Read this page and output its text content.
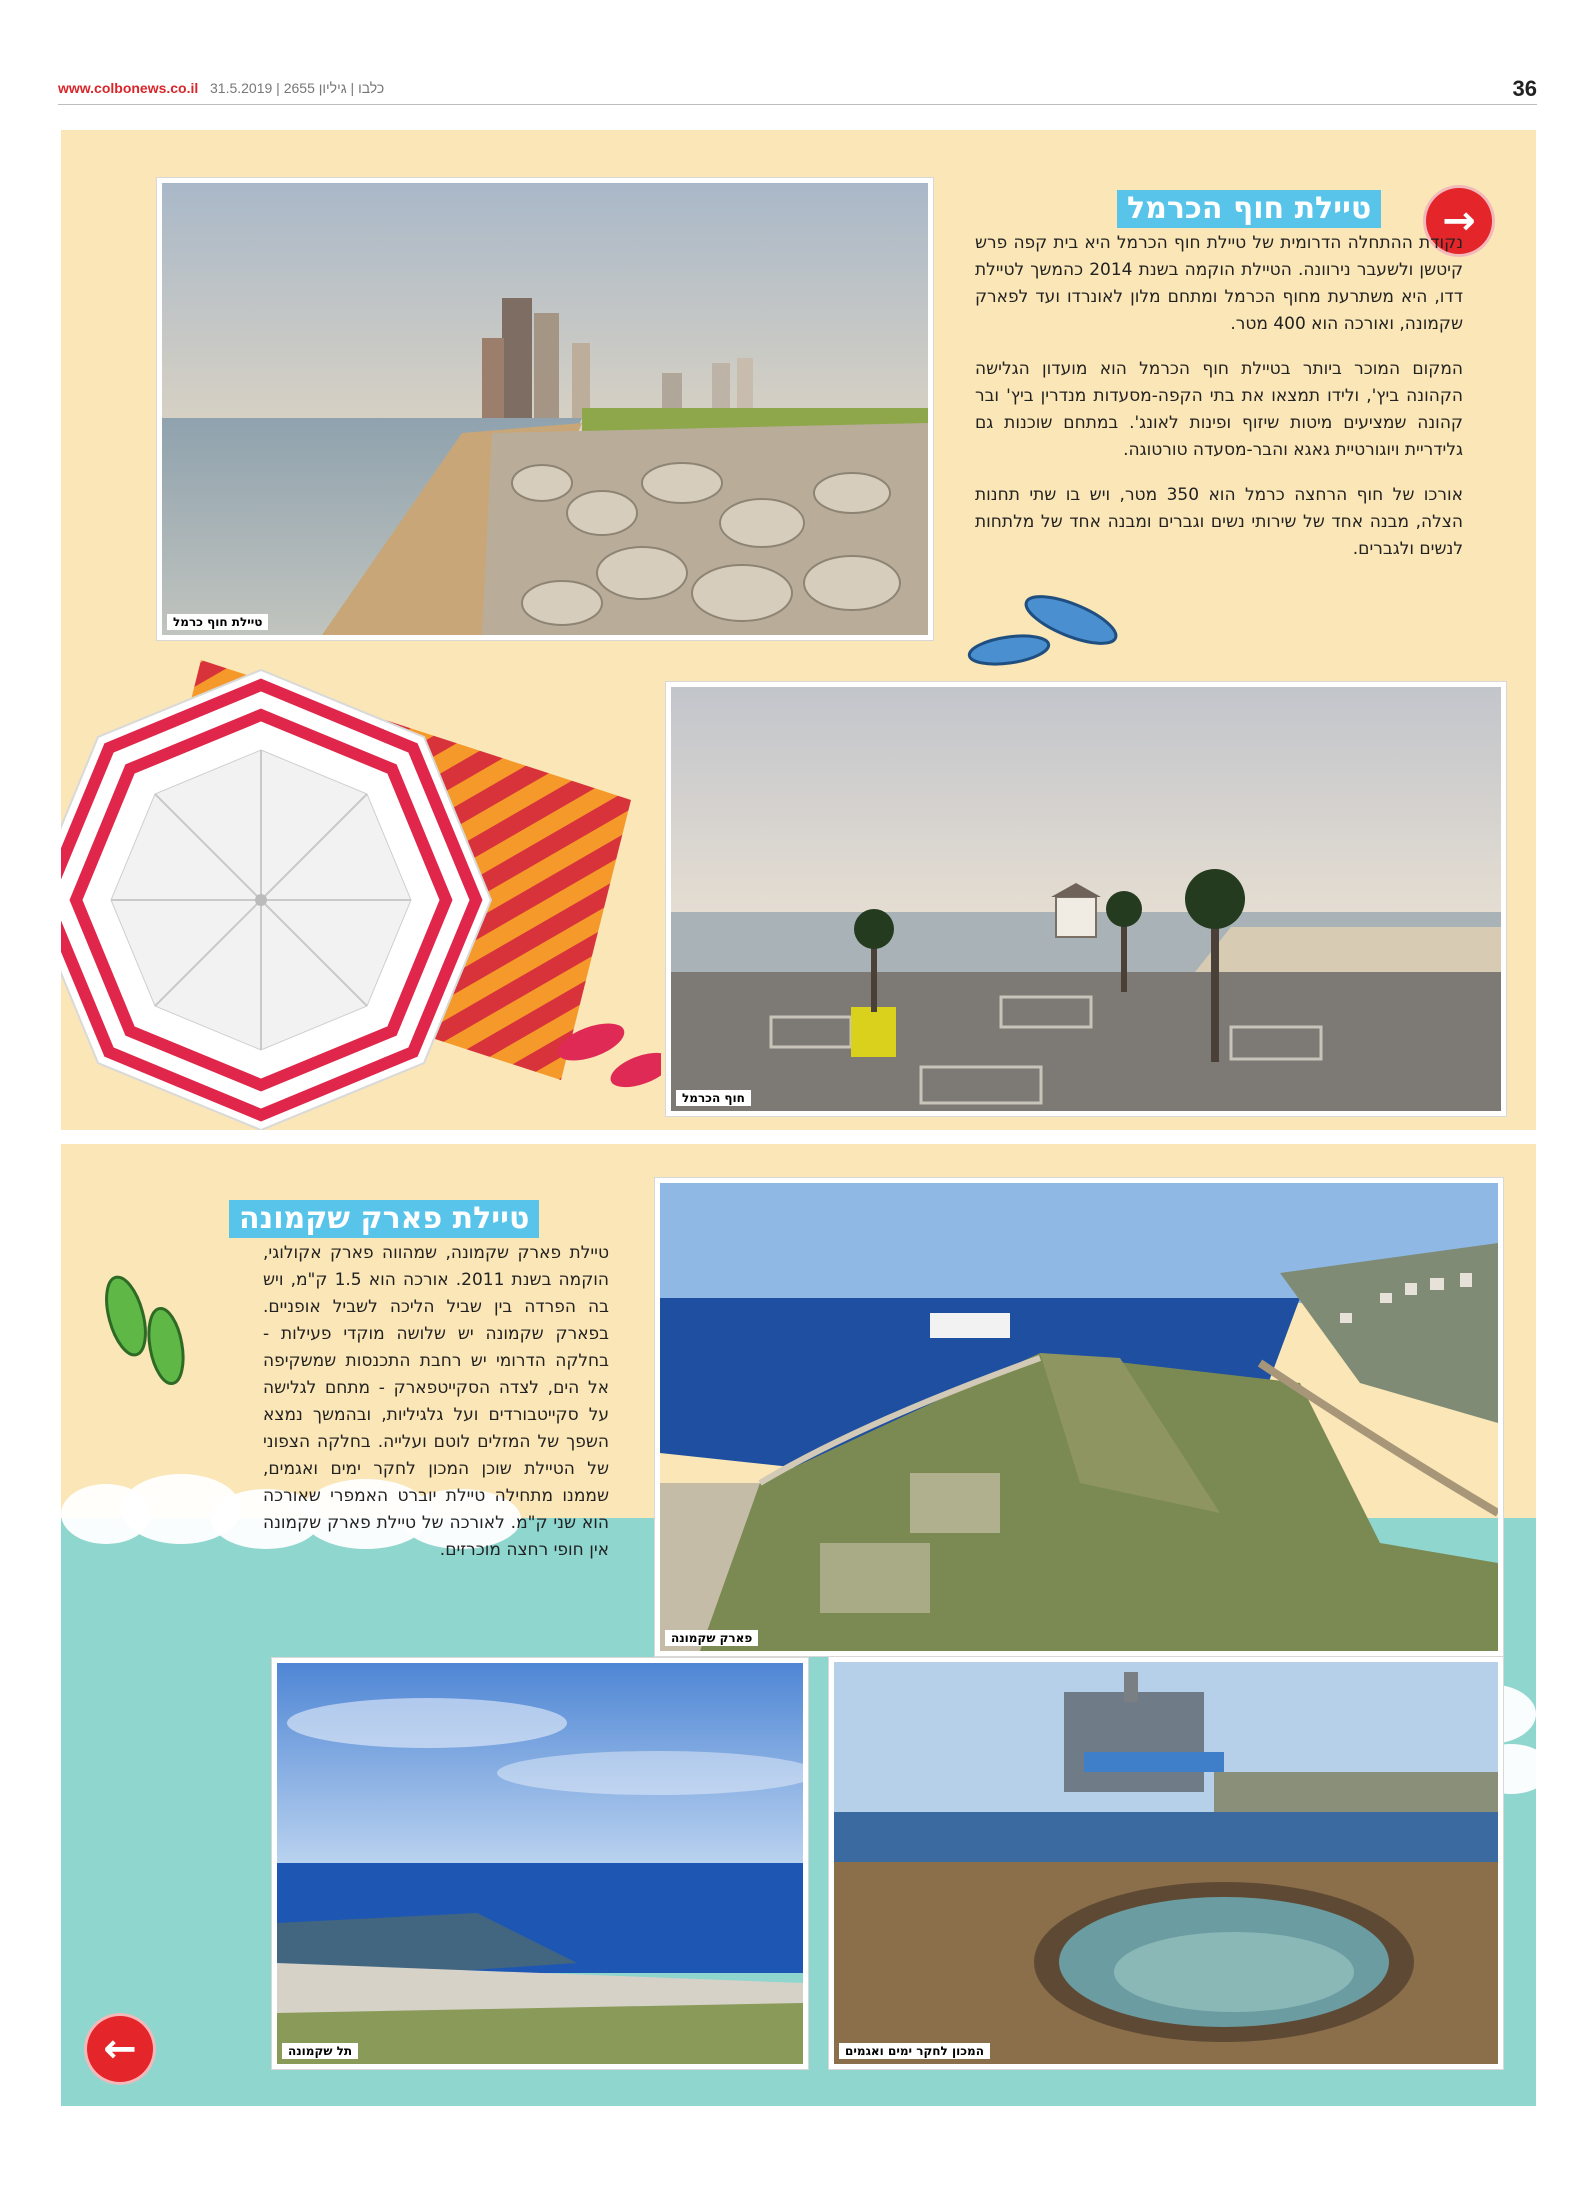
www.colbonews.co.il כלבו | גיליון 2655 | 31.5.2019	36
טיילת חוף כרמל
→
טיילת חוף הכרמל

נקודת ההתחלה הדרומית של טיילת חוף הכרמל היא בית קפה פרש קיטשן ולשעבר נירוונה. הטיילת הוקמה בשנת 2014 כהמשך לטיילת דדו, היא משתרעת מחוף הכרמל ומתחם מלון לאונרדו ועד לפארק שקמונה, ואורכה הוא 400 מטר.

המקום המוכר ביותר בטיילת חוף הכרמל הוא מועדון הגלישה הקהונה ביץ', ולידו תמצאו את בתי הקפה-מסעדות מנדרין ביץ' ובר קהונה שמציעים מיטות שיזוף ופינות לאונג'. במתחם שוכנות גם גלידריית ויוגורטיית גאגא והבר-מסעדה טורטוגה.

אורכו של חוף הרחצה כרמל הוא 350 מטר, ויש בו שתי תחנות הצלה, מבנה אחד של שירותי נשים וגברים ומבנה אחד של מלתחות לנשים ולגברים.

חוף הכרמל
טיילת פארק שקמונה

טיילת פארק שקמונה, שמהווה פארק אקולוגי, הוקמה בשנת 2011. אורכה הוא 1.5 ק"מ, ויש בה הפרדה בין שביל הליכה לשביל אופניים. בפארק שקמונה יש שלושה מוקדי פעילות - בחלקה הדרומי יש רחבת התכנסות שמשקיפה אל הים, לצדה הסקייטפארק - מתחם לגלישה על סקייטבורדים ועל גלגיליות, ובהמשך נמצא השפך של המזלים לוטם ועלייה. בחלקה הצפוני של הטיילת שוכן המכון לחקר ימים ואגמים, שממנו מתחילה טיילת יוברט האמפרי שאורכה הוא שני ק"מ. לאורכה של טיילת פארק שקמונה אין חופי רחצה מוכרזים.

פארק שקמונה
תל שקמונה	המכון לחקר ימים ואגמים
←
